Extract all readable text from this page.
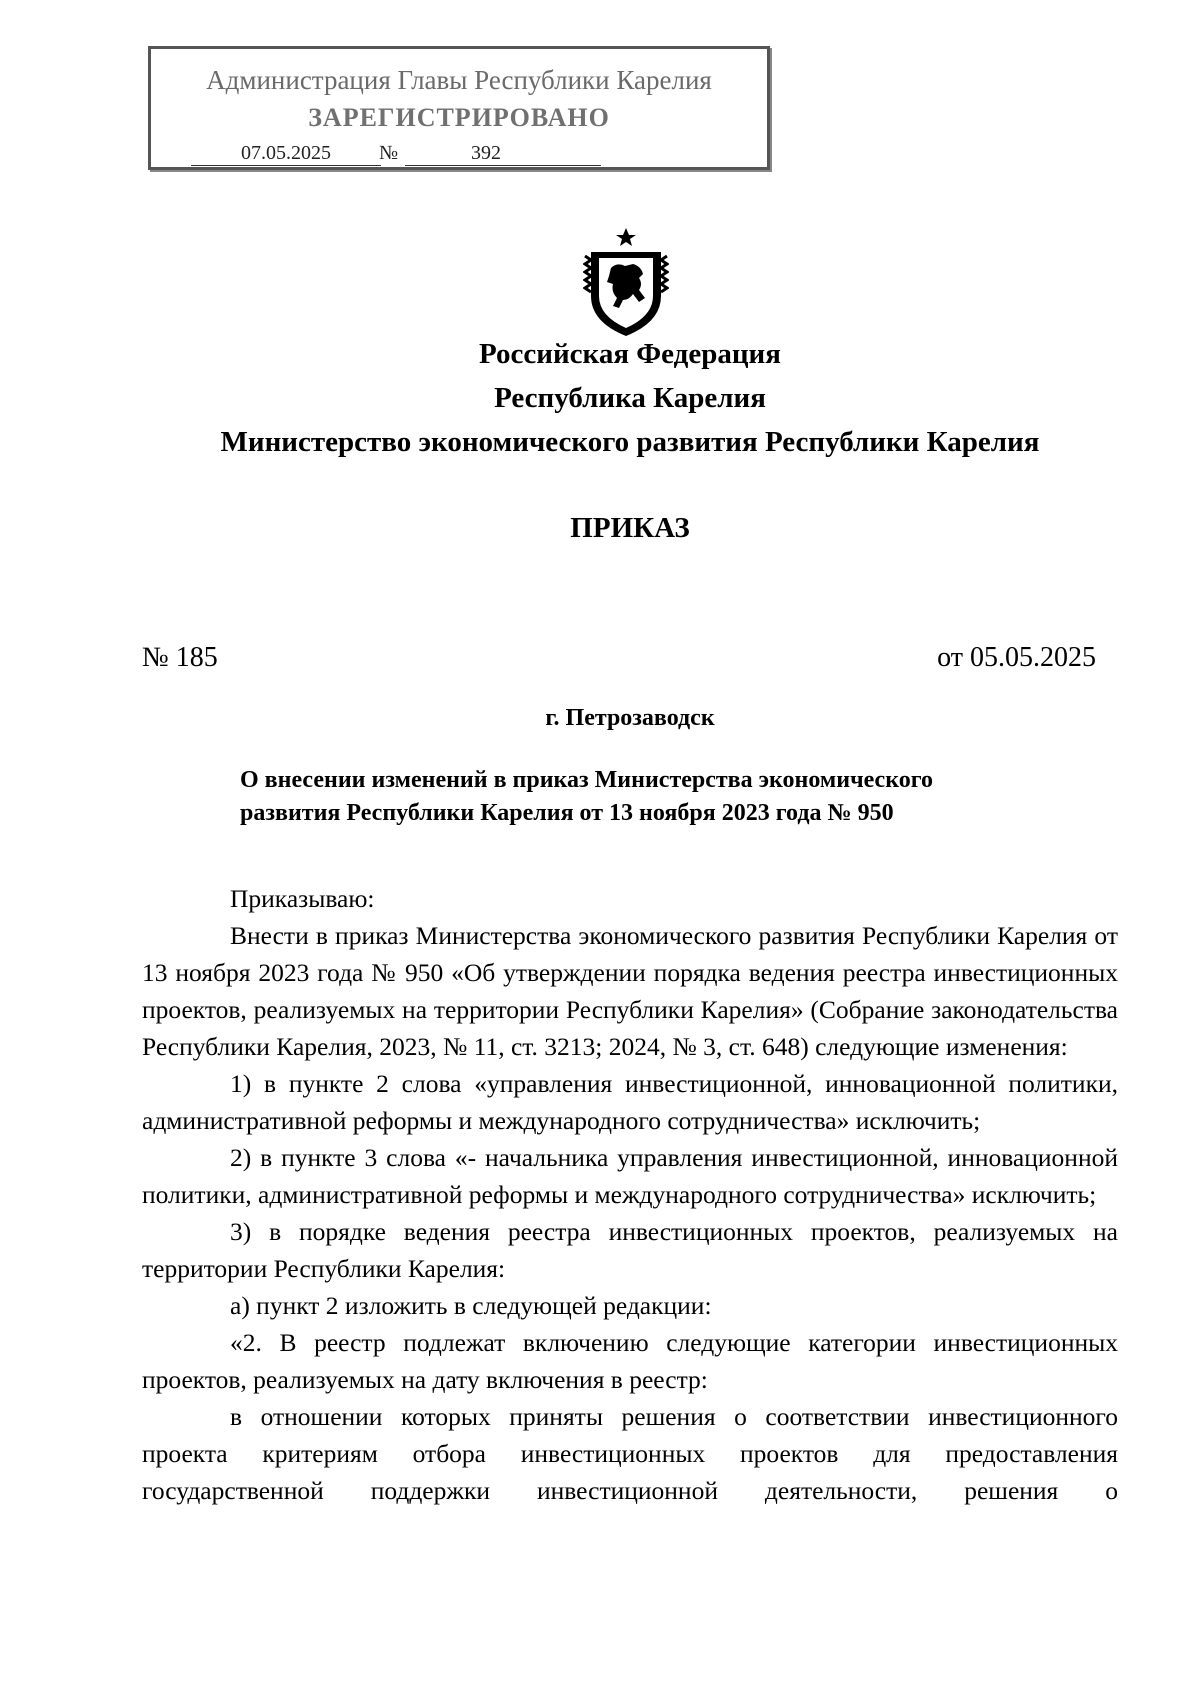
Администрация Главы Республики Карелия
ЗАРЕГИСТРИРОВАНО
07.05.2025	№	392
Российская Федерация
Республика Карелия
Министерство экономического развития Республики Карелия
ПРИКАЗ
№ 185	от 05.05.2025
г. Петрозаводск
О внесении изменений в приказ Министерства экономического
развития Республики Карелия от 13 ноября 2023 года № 950

Приказываю:

Внести в приказ Министерства экономического развития Республики Карелия от 13 ноября 2023 года № 950 «Об утверждении порядка ведения реестра инвестиционных проектов, реализуемых на территории Республики Карелия» (Собрание законодательства Республики Карелия, 2023, № 11, ст. 3213; 2024, № 3, ст. 648) следующие изменения:

1) в пункте 2 слова «управления инвестиционной, инновационной политики, административной реформы и международного сотрудничества» исключить;

2) в пункте 3 слова «- начальника управления инвестиционной, инновационной политики, административной реформы и международного сотрудничества» исключить;

3) в порядке ведения реестра инвестиционных проектов, реализуемых на территории Республики Карелия:

а) пункт 2 изложить в следующей редакции:

«2. В реестр подлежат включению следующие категории инвестиционных проектов, реализуемых на дату включения в реестр:

в отношении которых приняты решения о соответствии инвестиционного проекта критериям отбора инвестиционных проектов для предоставления государственной поддержки инвестиционной деятельности, решения о
